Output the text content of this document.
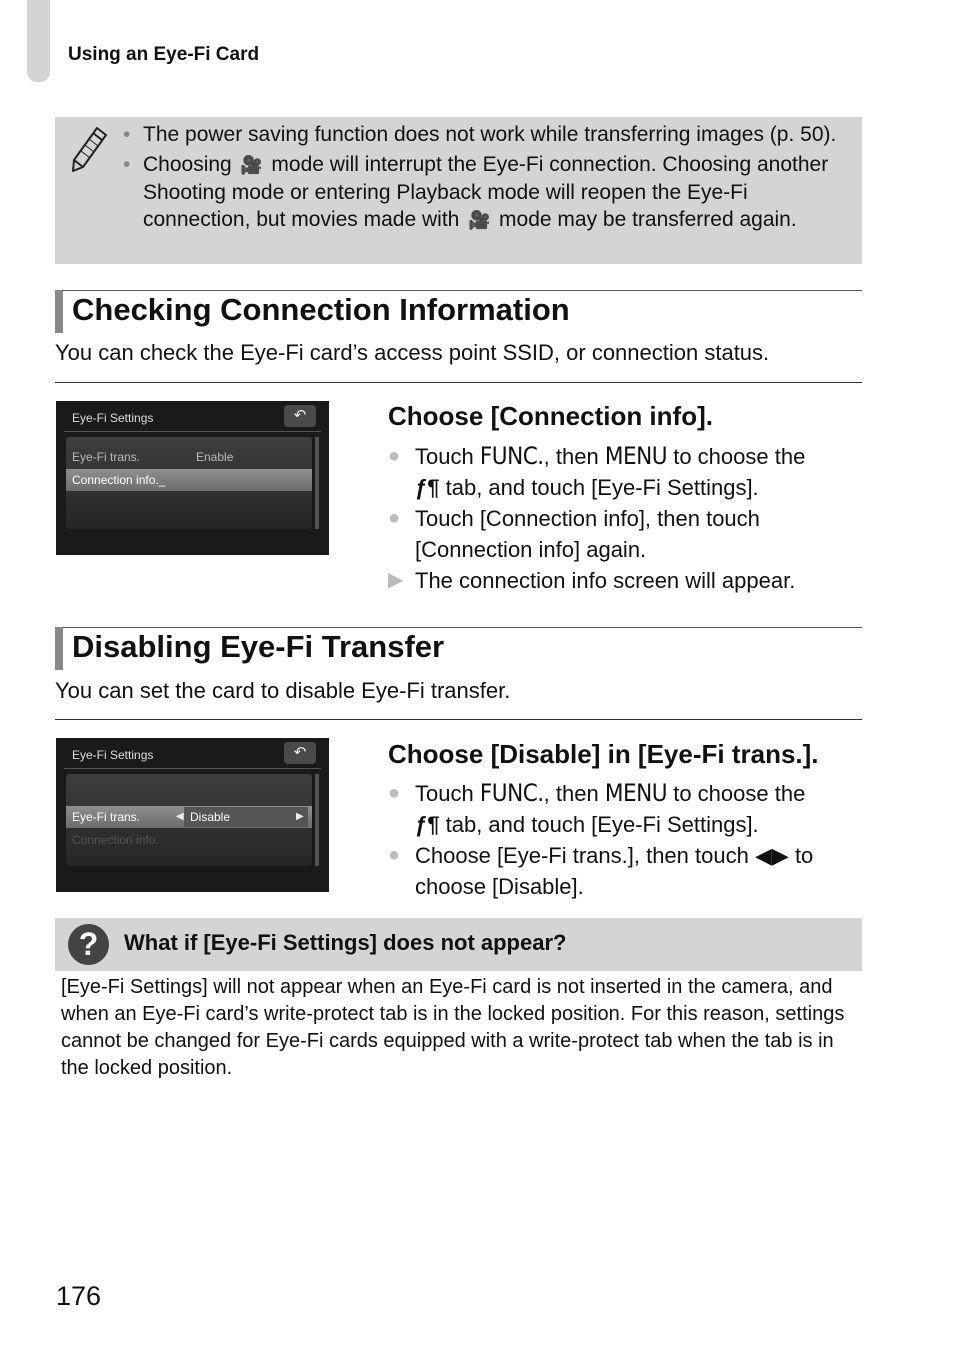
Using an Eye-Fi Card
• The power saving function does not work while transferring images (p. 50).
• Choosing 🎥 mode will interrupt the Eye-Fi connection. Choosing another Shooting mode or entering Playback mode will reopen the Eye-Fi connection, but movies made with 🎥 mode may be transferred again.
Checking Connection Information
You can check the Eye-Fi card’s access point SSID, or connection status.
Eye-Fi Settings	↶
Eye-Fi trans.	Enable
Connection info._
Choose [Connection info].
● Touch FUNC., then MENU to choose the
ƒ¶ tab, and touch [Eye-Fi Settings].
● Touch [Connection info], then touch [Connection info] again.
▶ The connection info screen will appear.
Disabling Eye-Fi Transfer
You can set the card to disable Eye-Fi transfer.
Eye-Fi Settings	↶
Eye-Fi trans.	◀ Disable	▶
Connection info.
Choose [Disable] in [Eye-Fi trans.].
● Touch FUNC., then MENU to choose the
ƒ¶ tab, and touch [Eye-Fi Settings].
● Choose [Eye-Fi trans.], then touch ◀▶ to choose [Disable].
?	What if [Eye-Fi Settings] does not appear?
[Eye-Fi Settings] will not appear when an Eye-Fi card is not inserted in the camera, and when an Eye-Fi card’s write-protect tab is in the locked position. For this reason, settings cannot be changed for Eye-Fi cards equipped with a write-protect tab when the tab is in the locked position.
176
